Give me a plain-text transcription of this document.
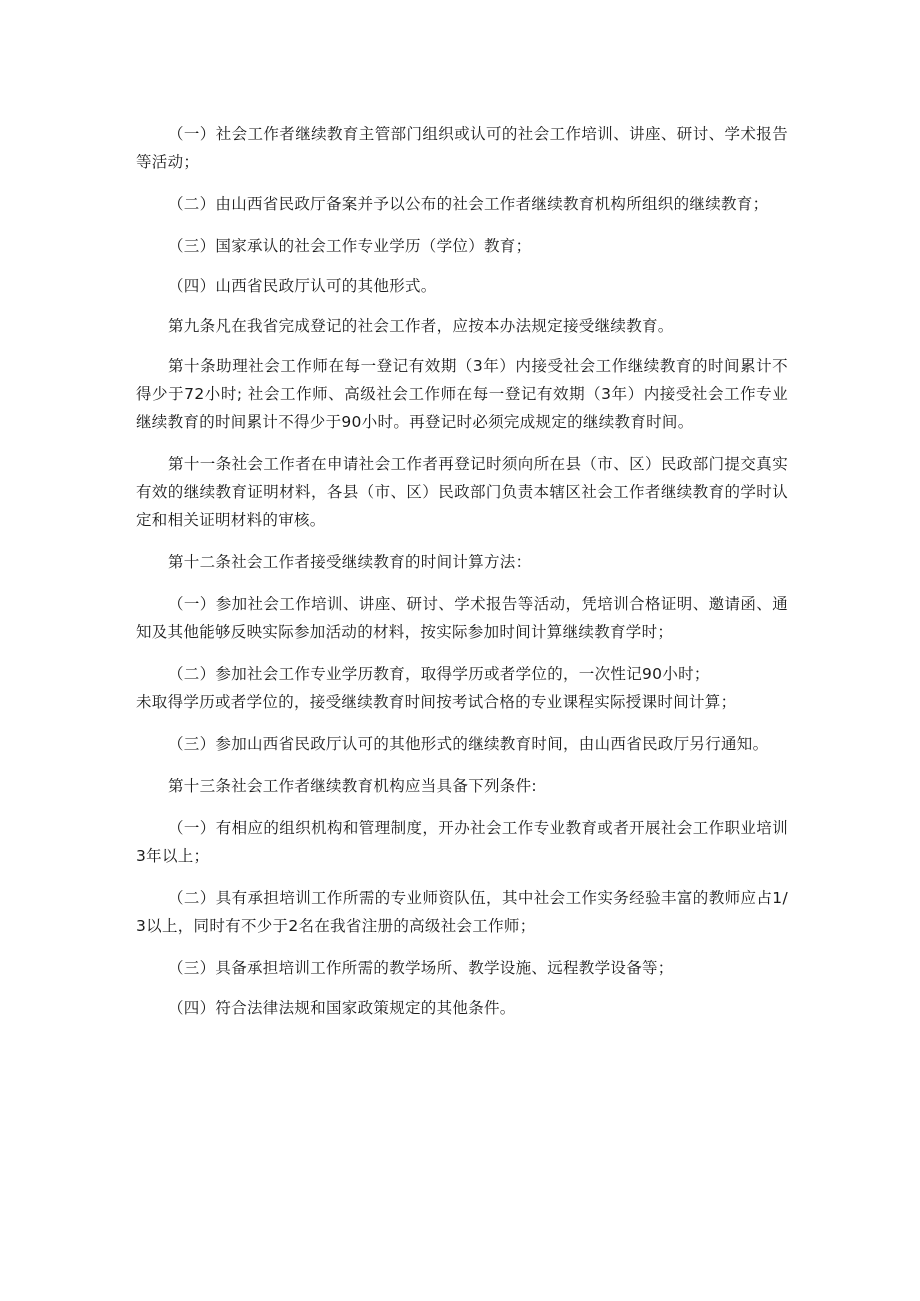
（一）社会工作者继续教育主管部门组织或认可的社会工作培训、讲座、研讨、学术报告等活动；

（二）由山西省民政厅备案并予以公布的社会工作者继续教育机构所组织的继续教育；

（三）国家承认的社会工作专业学历（学位）教育；

（四）山西省民政厅认可的其他形式。

第九条凡在我省完成登记的社会工作者，应按本办法规定接受继续教育。

第十条助理社会工作师在每一登记有效期（3年）内接受社会工作继续教育的时间累计不得少于72小时; 社会工作师、高级社会工作师在每一登记有效期（3年）内接受社会工作专业继续教育的时间累计不得少于90小时。再登记时必须完成规定的继续教育时间。

第十一条社会工作者在申请社会工作者再登记时须向所在县（市、区）民政部门提交真实有效的继续教育证明材料，各县（市、区）民政部门负责本辖区社会工作者继续教育的学时认定和相关证明材料的审核。

第十二条社会工作者接受继续教育的时间计算方法：

（一）参加社会工作培训、讲座、研讨、学术报告等活动，凭培训合格证明、邀请函、通知及其他能够反映实际参加活动的材料，按实际参加时间计算继续教育学时；

（二）参加社会工作专业学历教育，取得学历或者学位的，一次性记90小时；

未取得学历或者学位的，接受继续教育时间按考试合格的专业课程实际授课时间计算；

（三）参加山西省民政厅认可的其他形式的继续教育时间，由山西省民政厅另行通知。

第十三条社会工作者继续教育机构应当具备下列条件:

（一）有相应的组织机构和管理制度，开办社会工作专业教育或者开展社会工作职业培训3年以上；

（二）具有承担培训工作所需的专业师资队伍，其中社会工作实务经验丰富的教师应占1/3以上，同时有不少于2名在我省注册的高级社会工作师；

（三）具备承担培训工作所需的教学场所、教学设施、远程教学设备等；

（四）符合法律法规和国家政策规定的其他条件。
